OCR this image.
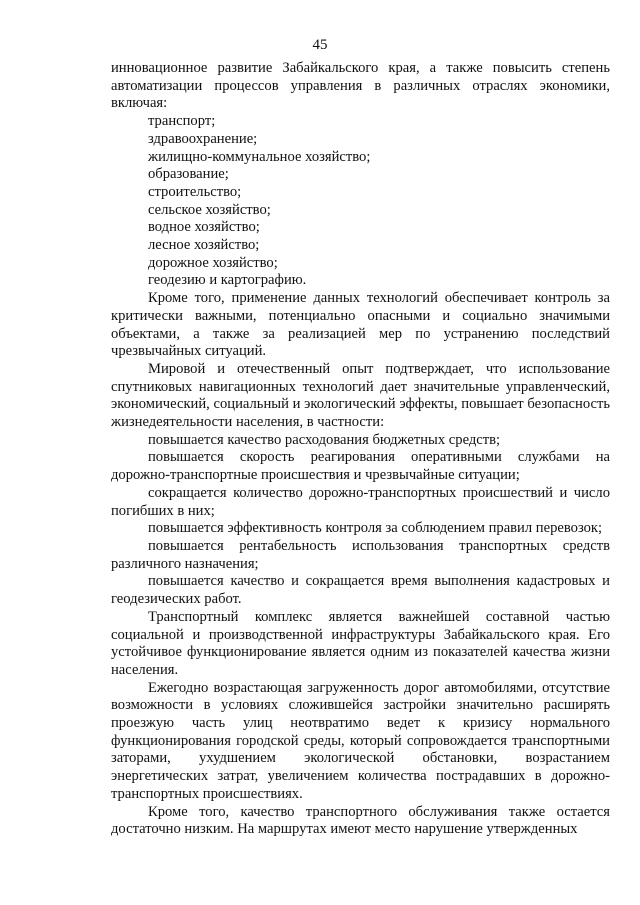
45

инновационное развитие Забайкальского края, а также повысить степень автоматизации процессов управления в различных отраслях экономики, включая:

транспорт;

здравоохранение;

жилищно-коммунальное хозяйство;

образование;

строительство;

сельское хозяйство;

водное хозяйство;

лесное хозяйство;

дорожное хозяйство;

геодезию и картографию.

Кроме того, применение данных технологий обеспечивает контроль за критически важными, потенциально опасными и социально значимыми объектами, а также за реализацией мер по устранению последствий чрезвычайных ситуаций.

Мировой и отечественный опыт подтверждает, что использование спутниковых навигационных технологий дает значительные управленческий, экономический, социальный и экологический эффекты, повышает безопасность жизнедеятельности населения, в частности:

повышается качество расходования бюджетных средств;

повышается скорость реагирования оперативными службами на дорожно-транспортные происшествия и чрезвычайные ситуации;

сокращается количество дорожно-транспортных происшествий и число погибших в них;

повышается эффективность контроля за соблюдением правил перевозок;

повышается рентабельность использования транспортных средств различного назначения;

повышается качество и сокращается время выполнения кадастровых и геодезических работ.

Транспортный комплекс является важнейшей составной частью социальной и производственной инфраструктуры Забайкальского края. Его устойчивое функционирование является одним из показателей качества жизни населения.

Ежегодно возрастающая загруженность дорог автомобилями, отсутствие возможности в условиях сложившейся застройки значительно расширять проезжую часть улиц неотвратимо ведет к кризису нормального функционирования городской среды, который сопровождается транспортными заторами, ухудшением экологической обстановки, возрастанием энергетических затрат, увеличением количества пострадавших в дорожно-транспортных происшествиях.

Кроме того, качество транспортного обслуживания также остается достаточно низким. На маршрутах имеют место нарушение утвержденных
